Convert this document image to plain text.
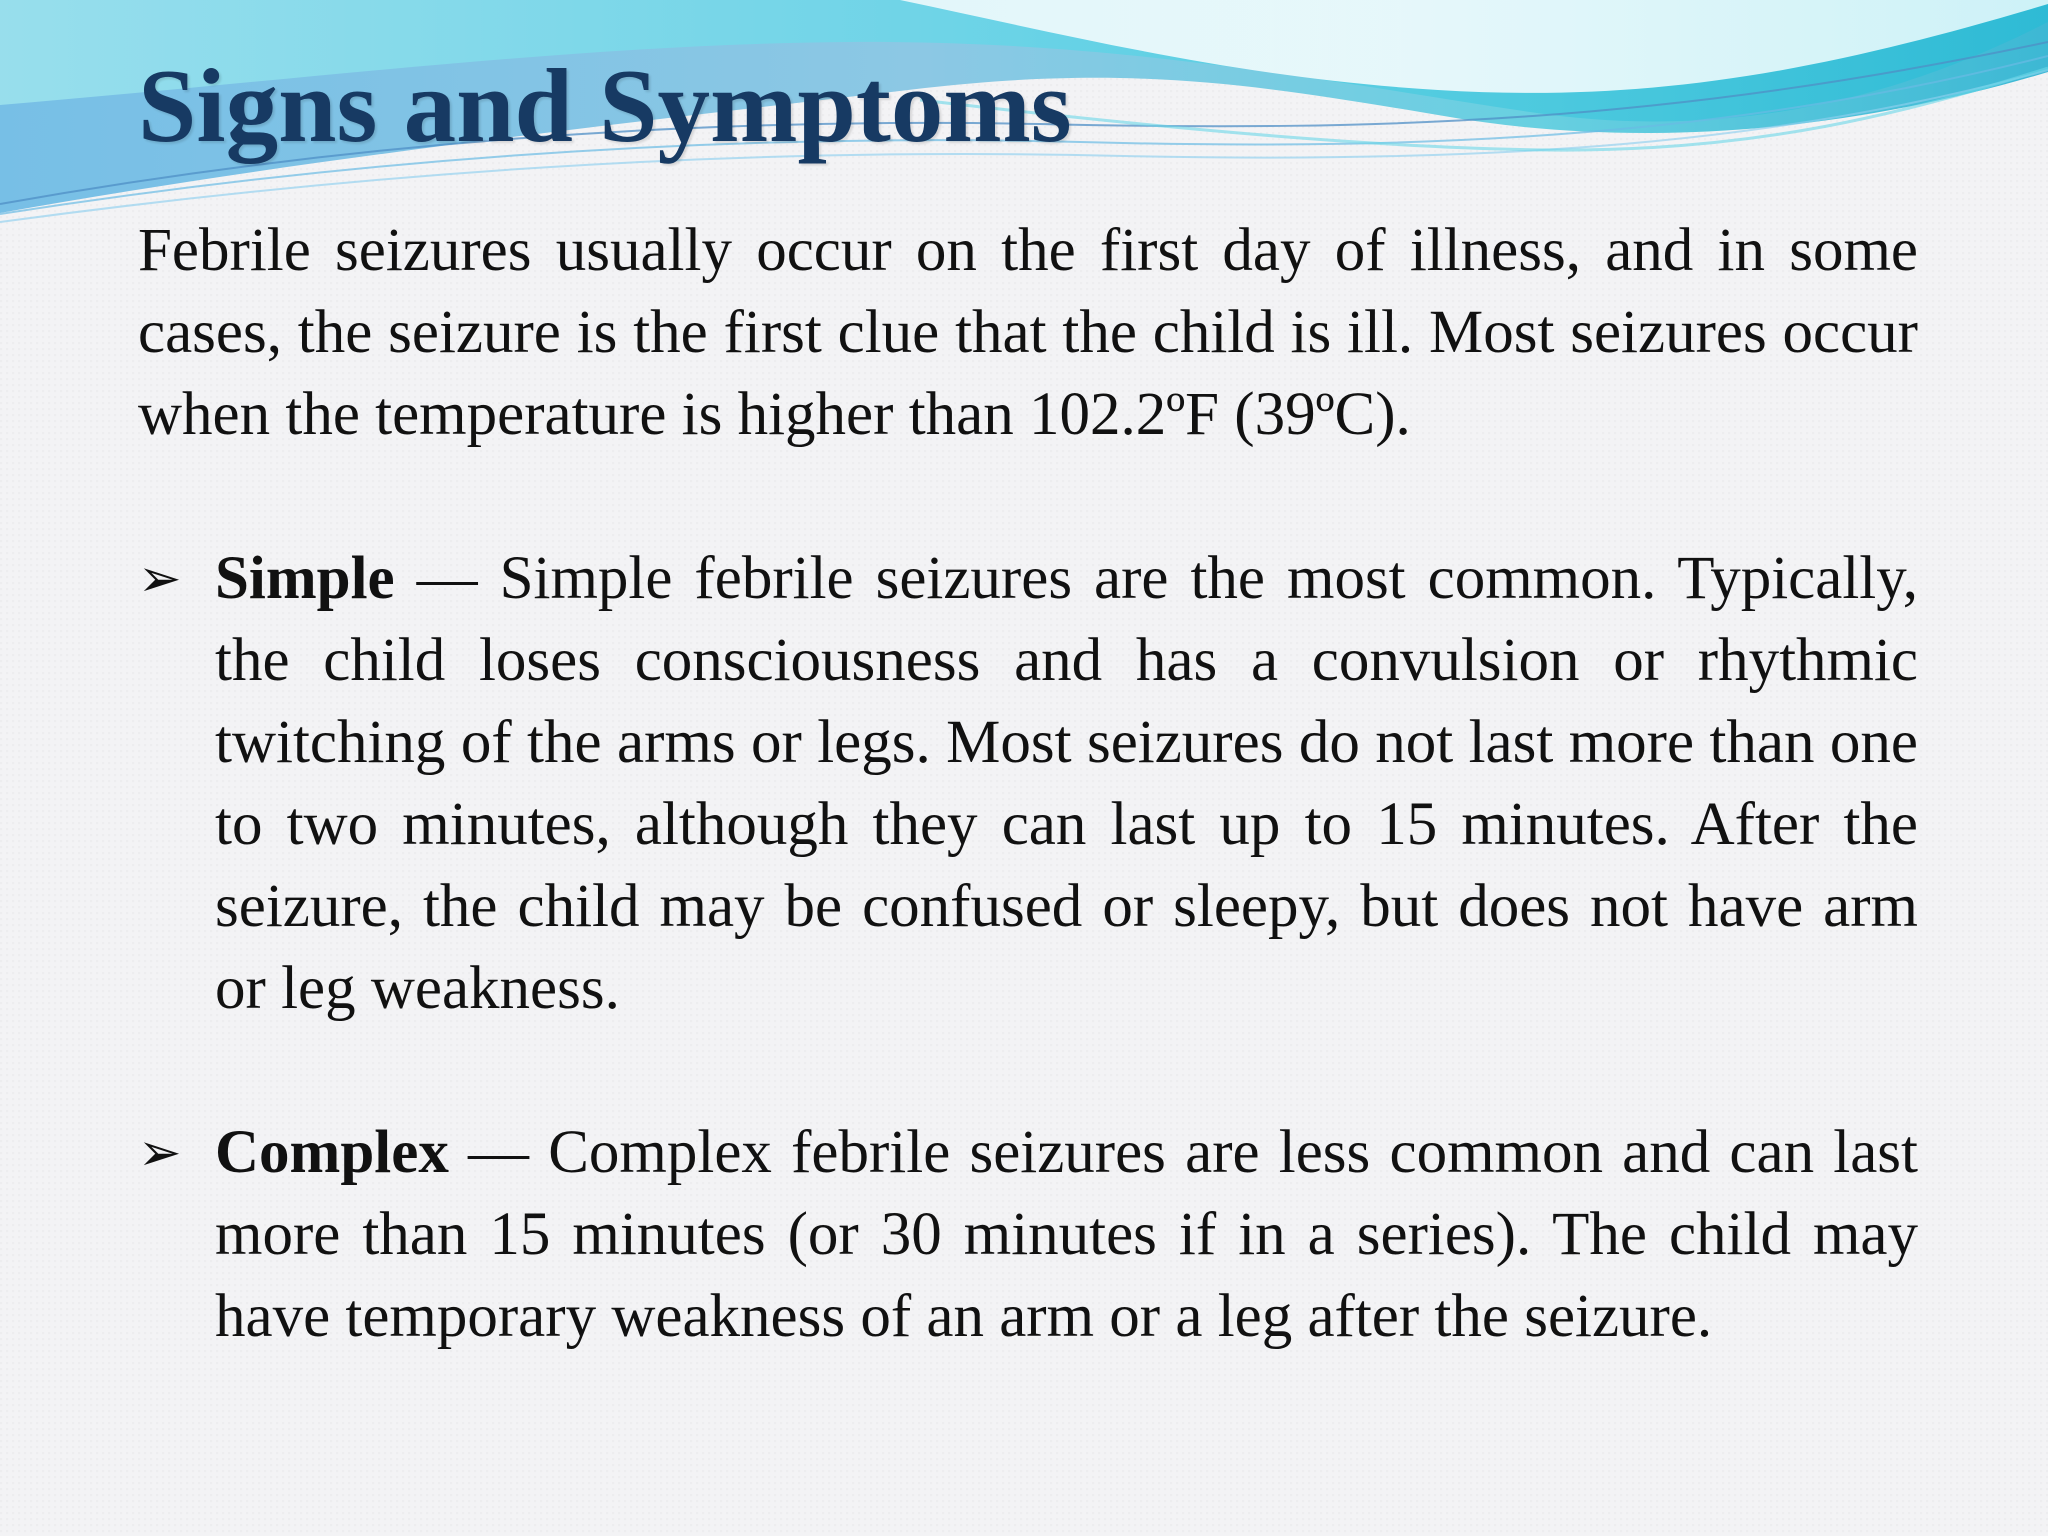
Signs and Symptoms

Febrile seizures usually occur on the first day of illness, and in some cases, the seizure is the first clue that the child is ill. Most seizures occur when the temperature is higher than 102.2ºF (39ºC).

➢ Simple — Simple febrile seizures are the most common. Typically, the child loses consciousness and has a convulsion or rhythmic twitching of the arms or legs. Most seizures do not last more than one to two minutes, although they can last up to 15 minutes. After the seizure, the child may be confused or sleepy, but does not have arm or leg weakness.

➢ Complex — Complex febrile seizures are less common and can last more than 15 minutes (or 30 minutes if in a series). The child may have temporary weakness of an arm or a leg after the seizure.
